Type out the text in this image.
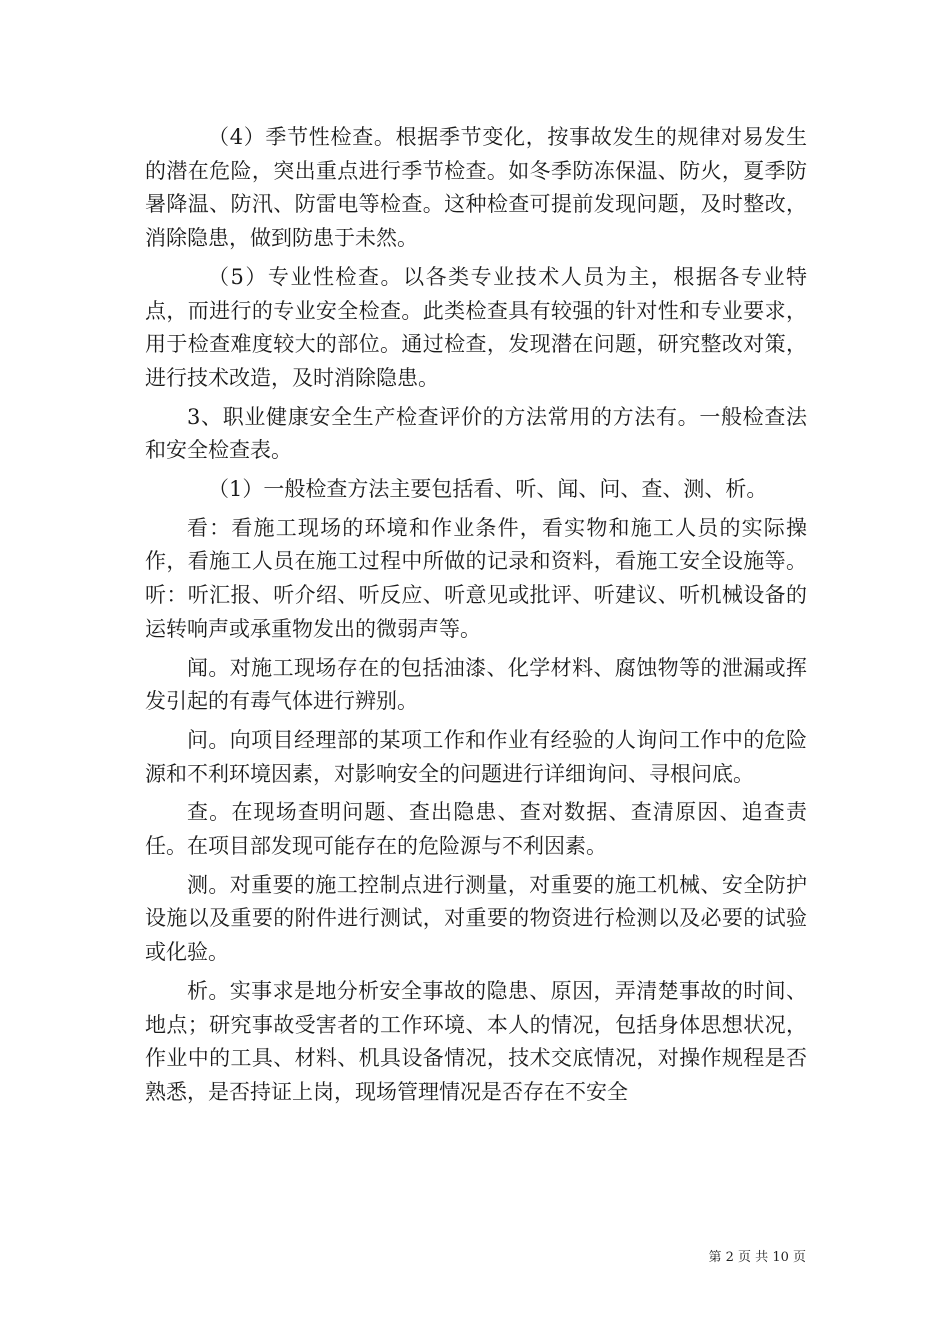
（4）季节性检查。根据季节变化，按事故发生的规律对易发生的潜在危险，突出重点进行季节检查。如冬季防冻保温、防火，夏季防暑降温、防汛、防雷电等检查。这种检查可提前发现问题，及时整改，消除隐患，做到防患于未然。

（5）专业性检查。以各类专业技术人员为主，根据各专业特点，而进行的专业安全检查。此类检查具有较强的针对性和专业要求，用于检查难度较大的部位。通过检查，发现潜在问题，研究整改对策，进行技术改造，及时消除隐患。

3、职业健康安全生产检查评价的方法常用的方法有。一般检查法和安全检查表。

（1）一般检查方法主要包括看、听、闻、问、查、测、析。

看：看施工现场的环境和作业条件，看实物和施工人员的实际操作，看施工人员在施工过程中所做的记录和资料，看施工安全设施等。听：听汇报、听介绍、听反应、听意见或批评、听建议、听机械设备的运转响声或承重物发出的微弱声等。

闻。对施工现场存在的包括油漆、化学材料、腐蚀物等的泄漏或挥发引起的有毒气体进行辨别。

问。向项目经理部的某项工作和作业有经验的人询问工作中的危险源和不利环境因素，对影响安全的问题进行详细询问、寻根问底。

查。在现场查明问题、查出隐患、查对数据、查清原因、追查责任。在项目部发现可能存在的危险源与不利因素。

测。对重要的施工控制点进行测量，对重要的施工机械、安全防护设施以及重要的附件进行测试，对重要的物资进行检测以及必要的试验或化验。

析。实事求是地分析安全事故的隐患、原因，弄清楚事故的时间、地点；研究事故受害者的工作环境、本人的情况，包括身体思想状况，作业中的工具、材料、机具设备情况，技术交底情况，对操作规程是否熟悉，是否持证上岗，现场管理情况是否存在不安全

第 2 页 共 10 页
